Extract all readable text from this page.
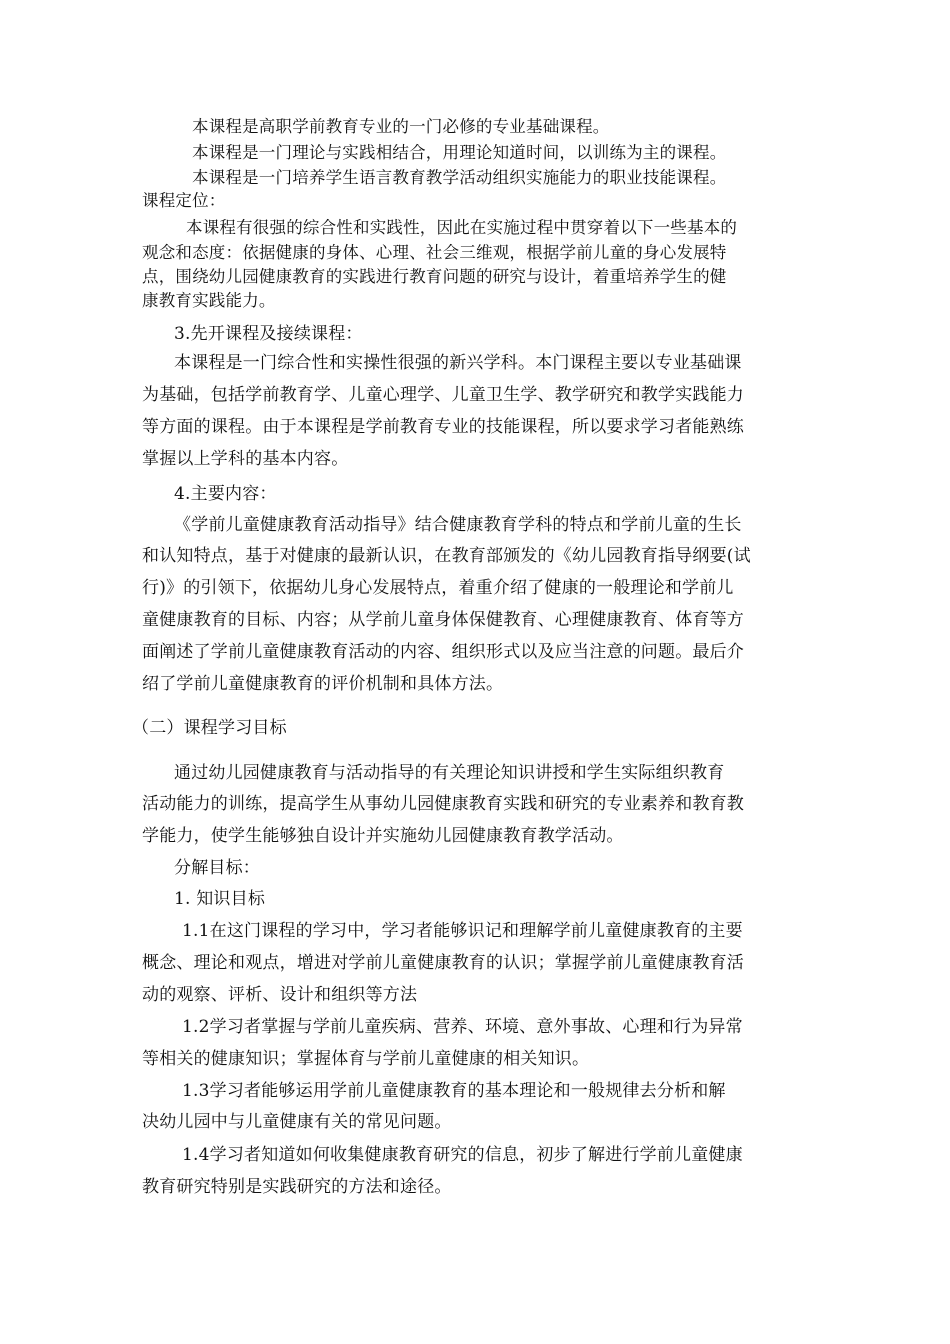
本课程是高职学前教育专业的一门必修的专业基础课程。
本课程是一门理论与实践相结合，用理论知道时间，以训练为主的课程。
本课程是一门培养学生语言教育教学活动组织实施能力的职业技能课程。
课程定位：
本课程有很强的综合性和实践性，因此在实施过程中贯穿着以下一些基本的
观念和态度：依据健康的身体、心理、社会三维观，根据学前儿童的身心发展特
点，围绕幼儿园健康教育的实践进行教育问题的研究与设计，着重培养学生的健
康教育实践能力。
3.先开课程及接续课程：
本课程是一门综合性和实操性很强的新兴学科。本门课程主要以专业基础课
为基础，包括学前教育学、儿童心理学、儿童卫生学、教学研究和教学实践能力
等方面的课程。由于本课程是学前教育专业的技能课程，所以要求学习者能熟练
掌握以上学科的基本内容。
4.主要内容：
《学前儿童健康教育活动指导》结合健康教育学科的特点和学前儿童的生长
和认知特点，基于对健康的最新认识，在教育部颁发的《幼儿园教育指导纲要(试
行)》的引领下，依据幼儿身心发展特点，着重介绍了健康的一般理论和学前儿
童健康教育的目标、内容；从学前儿童身体保健教育、心理健康教育、体育等方
面阐述了学前儿童健康教育活动的内容、组织形式以及应当注意的问题。最后介
绍了学前儿童健康教育的评价机制和具体方法。
（二）课程学习目标
通过幼儿园健康教育与活动指导的有关理论知识讲授和学生实际组织教育
活动能力的训练，提高学生从事幼儿园健康教育实践和研究的专业素养和教育教
学能力，使学生能够独自设计并实施幼儿园健康教育教学活动。
分解目标：
1. 知识目标
1.1在这门课程的学习中，学习者能够识记和理解学前儿童健康教育的主要
概念、理论和观点，增进对学前儿童健康教育的认识；掌握学前儿童健康教育活
动的观察、评析、设计和组织等方法
1.2学习者掌握与学前儿童疾病、营养、环境、意外事故、心理和行为异常
等相关的健康知识；掌握体育与学前儿童健康的相关知识。
1.3学习者能够运用学前儿童健康教育的基本理论和一般规律去分析和解
决幼儿园中与儿童健康有关的常见问题。
1.4学习者知道如何收集健康教育研究的信息，初步了解进行学前儿童健康
教育研究特别是实践研究的方法和途径。
